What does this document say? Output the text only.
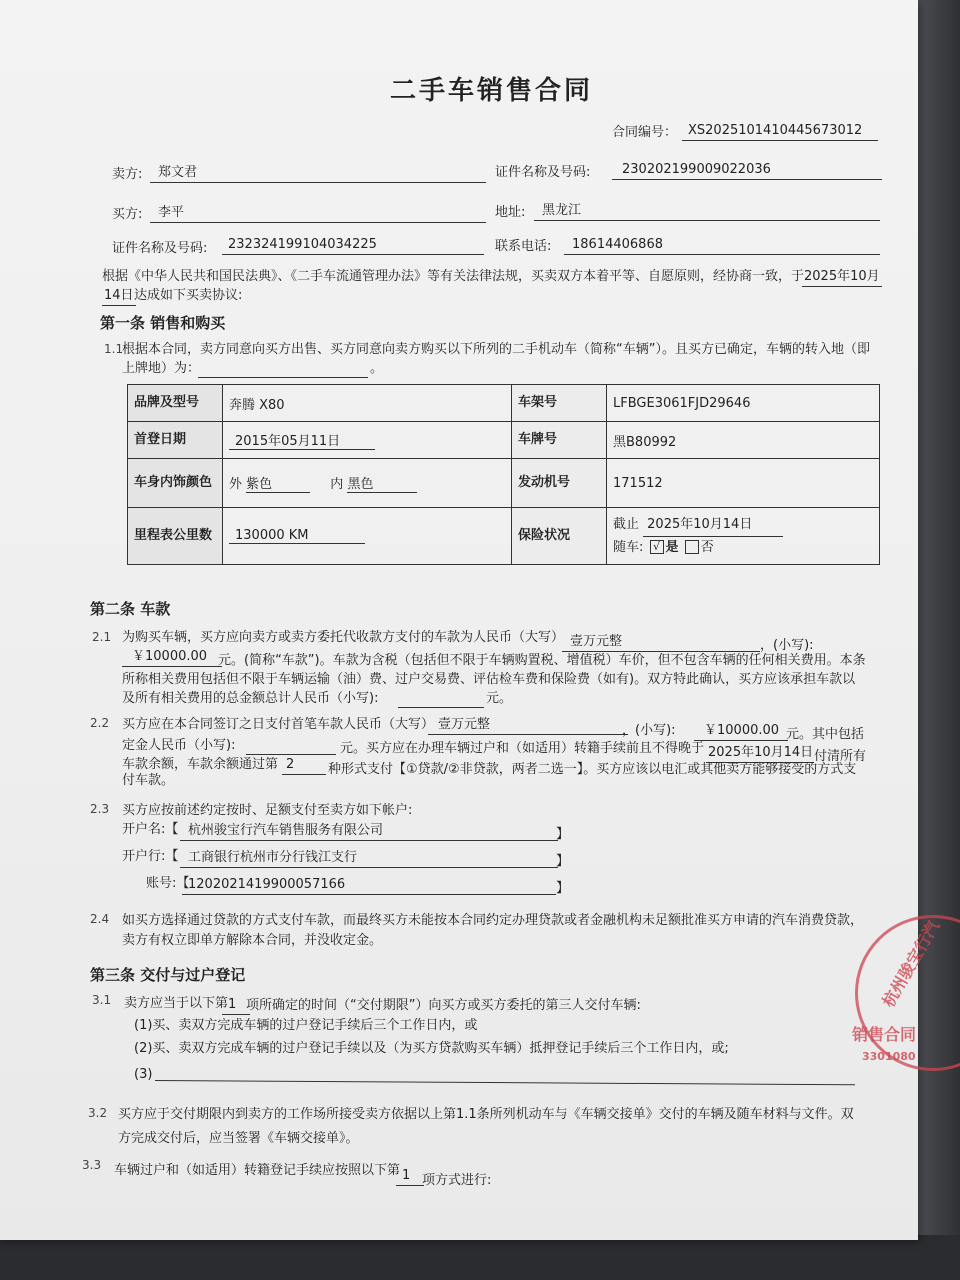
二手车销售合同
合同编号： XS2025101410445673012
卖方:	郑文君	证件名称及号码:	230202199009022036
买方:	李平	地址:	黑龙江
证件名称及号码:	232324199104034225	联系电话:	18614406868
根据《中华人民共和国民法典》、《二手车流通管理办法》等有关法律法规，买卖双方本着平等、自愿原则，经协商一致，于 2025年10月
14日 达成如下买卖协议:
第一条 销售和购买
1.1
根据本合同，卖方同意向买方出售、买方同意向卖方购买以下所列的二手机动车（简称“车辆”）。且买方已确定，车辆的转入地（即
上牌地）为：	。
品牌及型号	奔腾 X80	车架号	LFBGE3061FJD29646
首登日期	2015年05月11日	车牌号	黑B80992
车身内饰颜色	外 紫色 内 黑色	发动机号	171512
里程表公里数	130000 KM	保险状况	截止 2025年10月14日
随车: √ 是 否
第二条 车款
2.1 为购买车辆，买方应向卖方或卖方委托代收款方支付的车款为人民币（大写） 壹万元整	，(小写):
￥10000.00 元。(简称“车款”)。车款为含税（包括但不限于车辆购置税、增值税）车价，但不包含车辆的任何相关费用。本条
所称相关费用包括但不限于车辆运输（油）费、过户交易费、评估检车费和保险费（如有)。双方特此确认，买方应该承担车款以
及所有相关费用的总金额总计人民币（小写):	元。
2.2 买方应在本合同签订之日支付首笔车款人民币（大写） 壹万元整	，(小写):	￥10000.00 元。其中包括
定金人民币（小写):	元。买方应在办理车辆过户和（如适用）转籍手续前且不得晚于 2025年10月14日 付清所有
车款余额，车款余额通过第 2	种形式支付【①贷款/②非贷款，两者二选一】。买方应该以电汇或其他卖方能够接受的方式支
付车款。
2.3 买方应按前述约定按时、足额支付至卖方如下帐户:
开户名:【 杭州骏宝行汽车销售服务有限公司	】
开户行:【 工商银行杭州市分行钱江支行	】
账号:【
1202021419900057166	】
2.4 如买方选择通过贷款的方式支付车款，而最终买方未能按本合同约定办理贷款或者金融机构未足额批准买方申请的汽车消费贷款，
卖方有权立即单方解除本合同，并没收定金。
第三条 交付与过户登记
3.1 卖方应当于以下第 1 项所确定的时间（“交付期限”）向买方或买方委托的第三人交付车辆:
(1)买、卖双方完成车辆的过户登记手续后三个工作日内，或
(2)买、卖双方完成车辆的过户登记手续以及（为买方贷款购买车辆）抵押登记手续后三个工作日内，或;
(3)
3.2 买方应于交付期限内到卖方的工作场所接受卖方依据以上第1.1条所列机动车与《车辆交接单》交付的车辆及随车材料与文件。双
方完成交付后，应当签署《车辆交接单》。
3.3 车辆过户和（如适用）转籍登记手续应按照以下第 1 项方式进行:
杭州骏宝行汽
销售合同
3301080
